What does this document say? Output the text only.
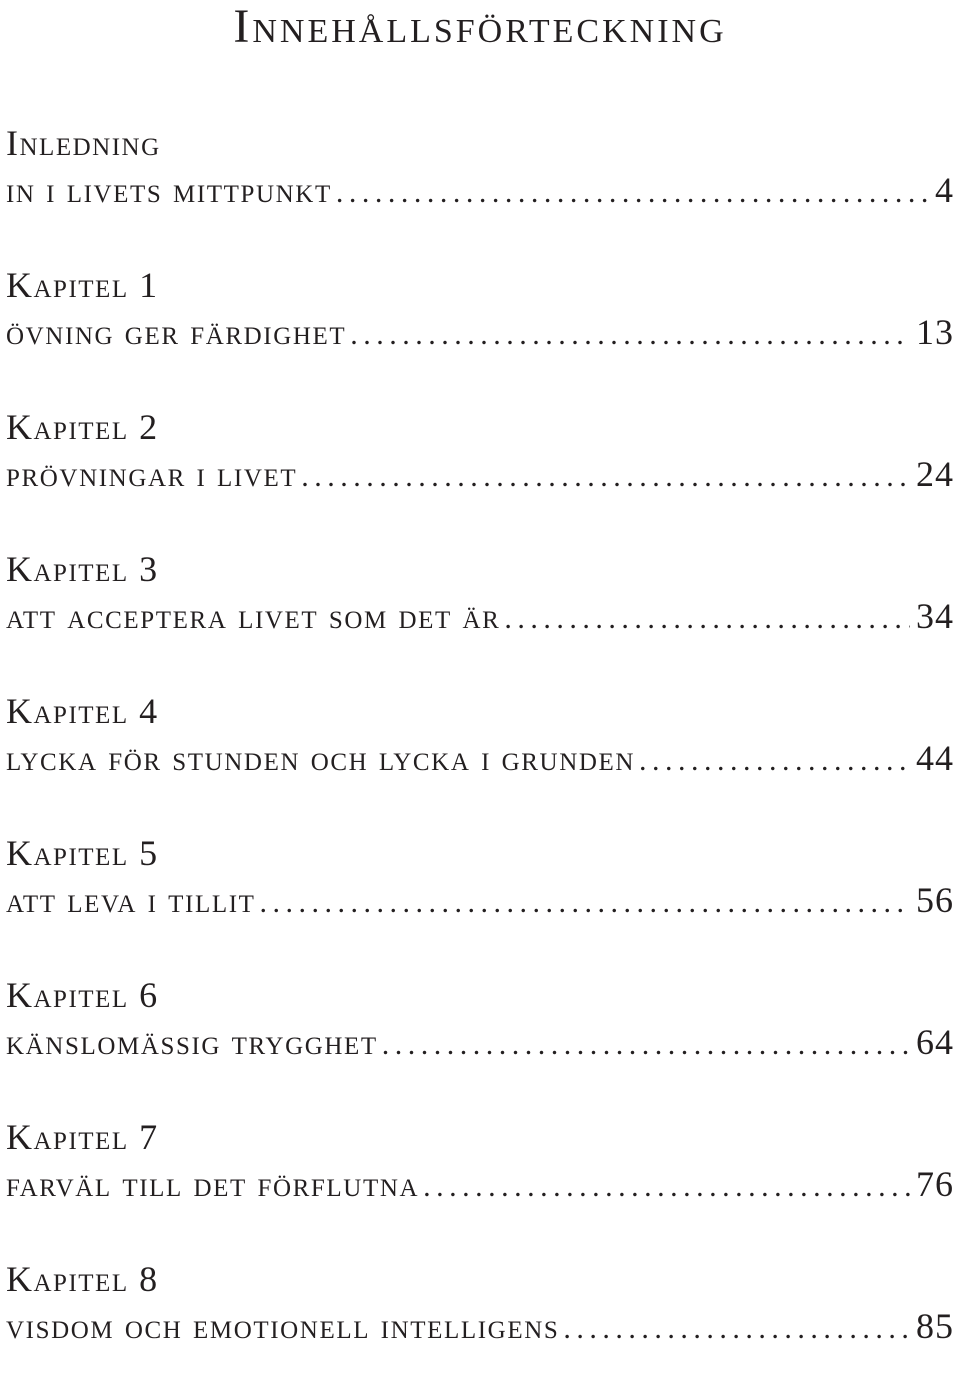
Innehållsförteckning
Inledning
in i livets mittpunkt . . .	4
Kapitel 1
övning ger färdighet . . .	13
Kapitel 2
prövningar i livet . . .	24
Kapitel 3
att acceptera livet som det är . . .	34
Kapitel 4
lycka för stunden och lycka i grunden . . .	44
Kapitel 5
att leva i tillit . . .	56
Kapitel 6
känslomässig trygghet . . .	64
Kapitel 7
farväl till det förflutna . . .	76
Kapitel 8
visdom och emotionell intelligens . . .	85
